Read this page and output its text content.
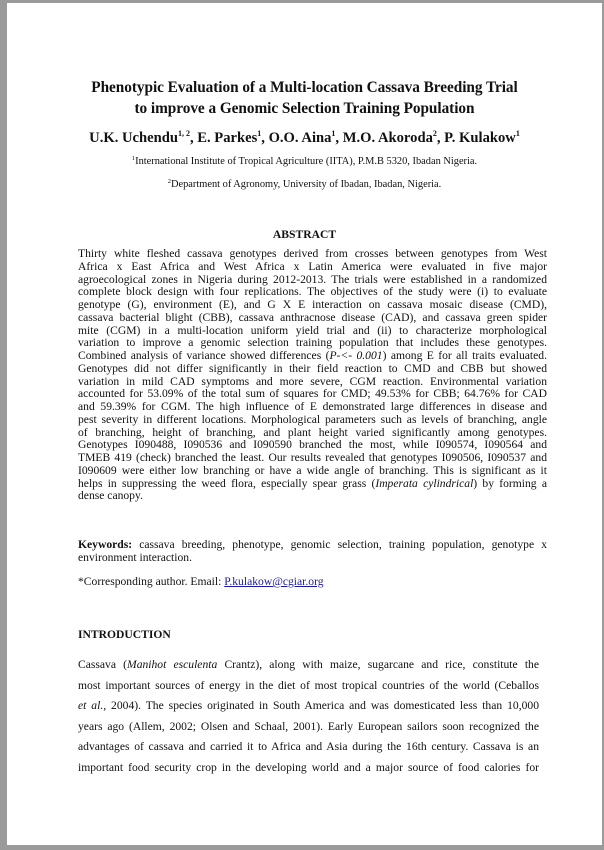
Phenotypic Evaluation of a Multi-location Cassava Breeding Trial
to improve a Genomic Selection Training Population
U.K. Uchendu$^{1, 2}$, E. Parkes$^1$, O.O. Aina$^1$, M.O. Akoroda$^2$, P. Kulakow$^1$
$^1$International Institute of Tropical Agriculture (IITA), P.M.B 5320, Ibadan Nigeria.
$^2$Department of Agronomy, University of Ibadan, Ibadan, Nigeria.
ABSTRACT
Thirty white fleshed cassava genotypes derived from crosses between genotypes from West
Africa x East Africa and West Africa x Latin America were evaluated in five major
agroecological zones in Nigeria during 2012-2013. The trials were established in a randomized
complete block design with four replications. The objectives of the study were (i) to evaluate
genotype (G), environment (E), and G X E interaction on cassava mosaic disease (CMD),
cassava bacterial blight (CBB), cassava anthracnose disease (CAD), and cassava green spider
mite (CGM) in a multi-location uniform yield trial and (ii) to characterize morphological
variation to improve a genomic selection training population that includes these genotypes.
Combined analysis of variance showed differences (P-<- 0.001) among E for all traits evaluated.
Genotypes did not differ significantly in their field reaction to CMD and CBB but showed
variation in mild CAD symptoms and more severe, CGM reaction. Environmental variation
accounted for 53.09% of the total sum of squares for CMD; 49.53% for CBB; 64.76% for CAD
and 59.39% for CGM. The high influence of E demonstrated large differences in disease and
pest severity in different locations. Morphological parameters such as levels of branching, angle
of branching, height of branching, and plant height varied significantly among genotypes.
Genotypes I090488, I090536 and I090590 branched the most, while I090574, I090564 and
TMEB 419 (check) branched the least. Our results revealed that genotypes I090506, I090537 and
I090609 were either low branching or have a wide angle of branching. This is significant as it
helps in suppressing the weed flora, especially spear grass (Imperata cylindrical) by forming a
dense canopy.
Keywords: cassava breeding, phenotype, genomic selection, training population, genotype x
environment interaction.
*Corresponding author. Email: P.kulakow@cgiar.org
INTRODUCTION
Cassava (Manihot esculenta Crantz), along with maize, sugarcane and rice, constitute the
most important sources of energy in the diet of most tropical countries of the world (Ceballos
et al., 2004). The species originated in South America and was domesticated less than 10,000
years ago (Allem, 2002; Olsen and Schaal, 2001). Early European sailors soon recognized the
advantages of cassava and carried it to Africa and Asia during the 16th century. Cassava is an
important food security crop in the developing world and a major source of food calories for
